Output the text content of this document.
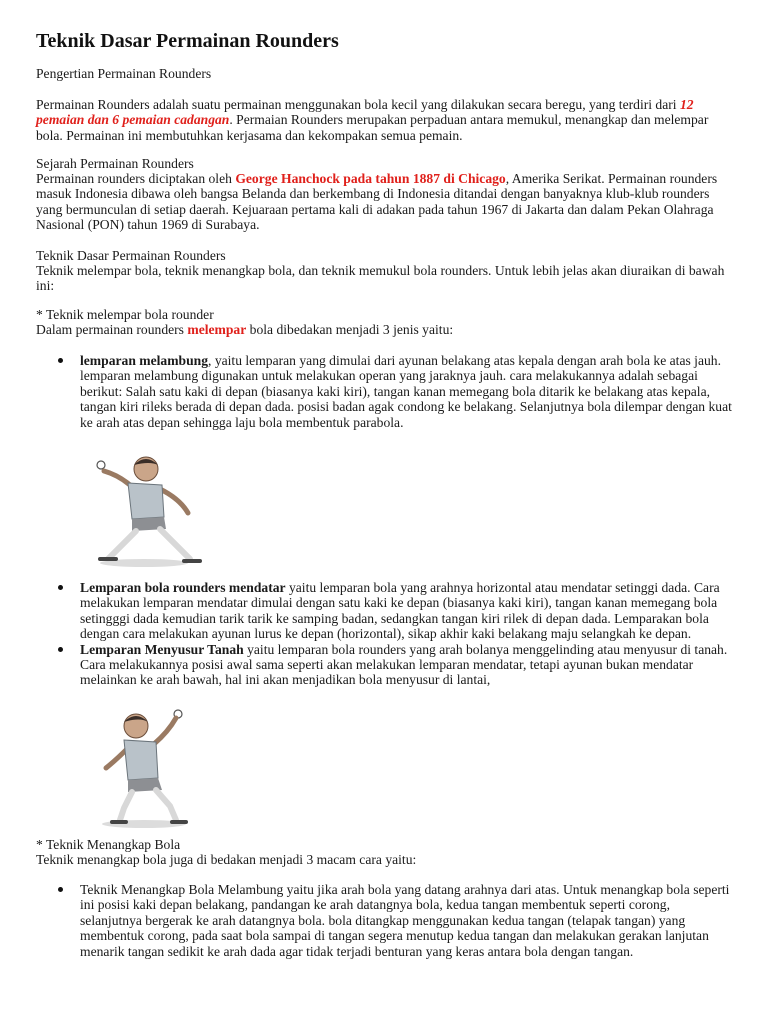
Teknik Dasar Permainan Rounders

Pengertian Permainan Rounders

Permainan Rounders adalah suatu permainan menggunakan bola kecil yang dilakukan secara beregu, yang terdiri dari 12 pemaian dan 6 pemaian cadangan. Permaian Rounders merupakan perpaduan antara memukul, menangkap dan melempar bola. Permainan ini membutuhkan kerjasama dan kekompakan semua pemain.

Sejarah Permainan Rounders

Permainan rounders diciptakan oleh George Hanchock pada tahun 1887 di Chicago, Amerika Serikat. Permainan rounders masuk Indonesia dibawa oleh bangsa Belanda dan berkembang di Indonesia ditandai dengan banyaknya klub-klub rounders yang bermunculan di setiap daerah. Kejuaraan pertama kali di adakan pada tahun 1967 di Jakarta dan dalam Pekan Olahraga Nasional (PON) tahun 1969 di Surabaya.

Teknik Dasar Permainan Rounders

Teknik melempar bola, teknik menangkap bola, dan teknik memukul bola rounders. Untuk lebih jelas akan diuraikan di bawah ini:

* Teknik melempar bola rounder

Dalam permainan rounders melempar bola dibedakan menjadi 3 jenis yaitu:

lemparan melambung, yaitu lemparan yang dimulai dari ayunan belakang atas kepala dengan arah bola ke atas jauh. lemparan melambung digunakan untuk melakukan operan yang jaraknya jauh. cara melakukannya adalah sebagai berikut: Salah satu kaki di depan (biasanya kaki kiri), tangan kanan memegang bola ditarik ke belakang atas kepala, tangan kiri rileks berada di depan dada. posisi badan agak condong ke belakang. Selanjutnya bola dilempar dengan kuat ke arah atas depan sehingga laju bola membentuk parabola.
Lemparan bola rounders mendatar yaitu lemparan bola yang arahnya horizontal atau mendatar setinggi dada. Cara melakukan lemparan mendatar dimulai dengan satu kaki ke depan (biasanya kaki kiri), tangan kanan memegang bola setingggi dada kemudian tarik tarik ke samping badan, sedangkan tangan kiri rilek di depan dada. Lemparakan bola dengan cara melakukan ayunan lurus ke depan (horizontal), sikap akhir kaki belakang maju selangkah ke depan.
Lemparan Menyusur Tanah yaitu lemparan bola rounders yang arah bolanya menggelinding atau menyusur di tanah. Cara melakukannya posisi awal sama seperti akan melakukan lemparan mendatar, tetapi ayunan bukan mendatar melainkan ke arah bawah, hal ini akan menjadikan bola menyusur di lantai,

* Teknik Menangkap Bola

Teknik menangkap bola juga di bedakan menjadi 3 macam cara yaitu:

Teknik Menangkap Bola Melambung yaitu jika arah bola yang datang arahnya dari atas. Untuk menangkap bola seperti ini posisi kaki depan belakang, pandangan ke arah datangnya bola, kedua tangan membentuk seperti corong, selanjutnya bergerak ke arah datangnya bola. bola ditangkap menggunakan kedua tangan (telapak tangan) yang membentuk corong, pada saat bola sampai di tangan segera menutup kedua tangan dan melakukan gerakan lanjutan menarik tangan sedikit ke arah dada agar tidak terjadi benturan yang keras antara bola dengan tangan.
